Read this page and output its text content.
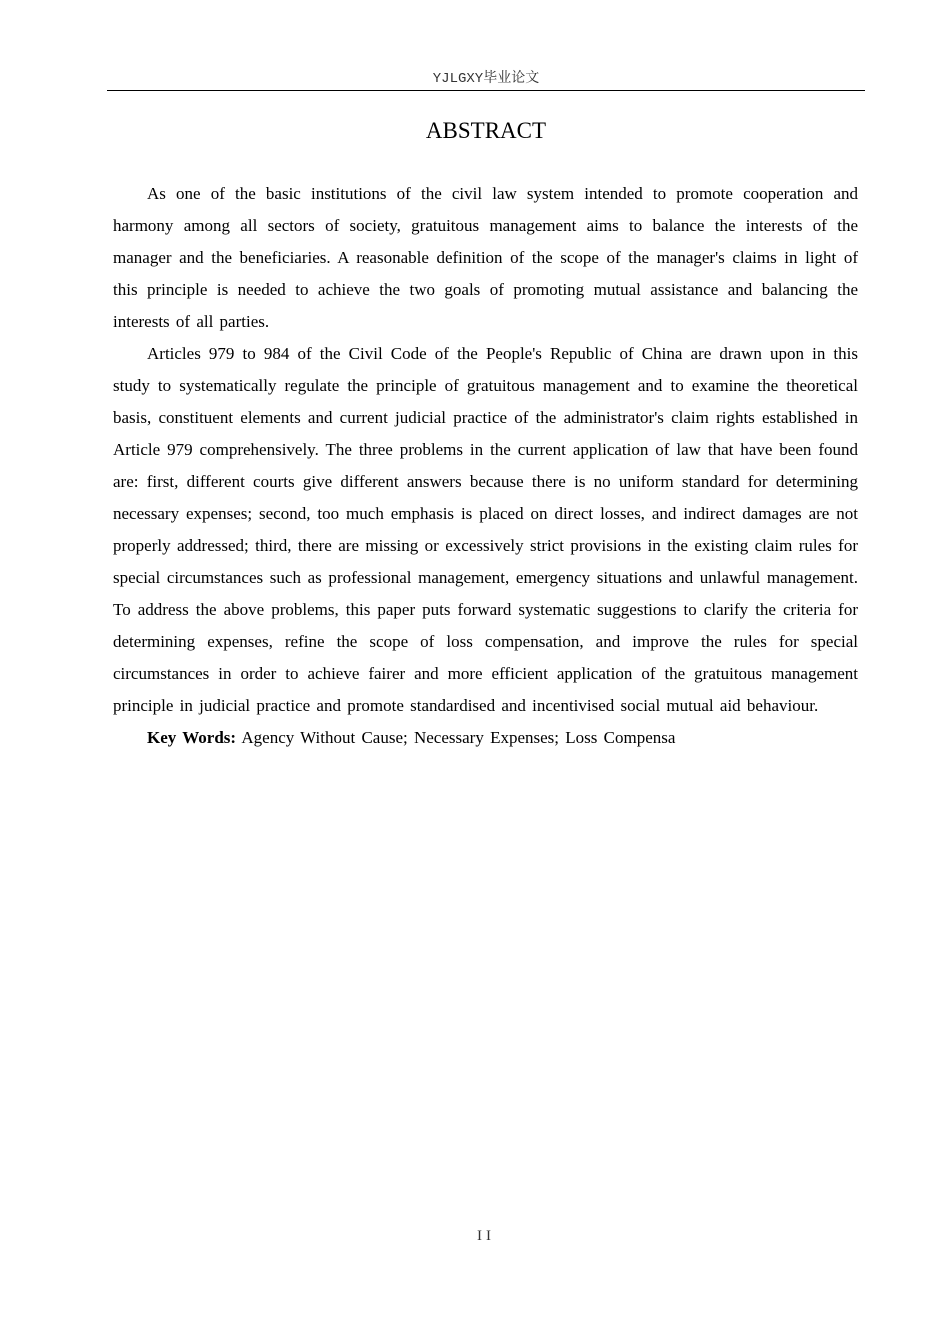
YJLGXY毕业论文
ABSTRACT

As one of the basic institutions of the civil law system intended to promote cooperation and harmony among all sectors of society, gratuitous management aims to balance the interests of the manager and the beneficiaries. A reasonable definition of the scope of the manager's claims in light of this principle is needed to achieve the two goals of promoting mutual assistance and balancing the interests of all parties.

Articles 979 to 984 of the Civil Code of the People's Republic of China are drawn upon in this study to systematically regulate the principle of gratuitous management and to examine the theoretical basis, constituent elements and current judicial practice of the administrator's claim rights established in Article 979 comprehensively. The three problems in the current application of law that have been found are: first, different courts give different answers because there is no uniform standard for determining necessary expenses; second, too much emphasis is placed on direct losses, and indirect damages are not properly addressed; third, there are missing or excessively strict provisions in the existing claim rules for special circumstances such as professional management, emergency situations and unlawful management. To address the above problems, this paper puts forward systematic suggestions to clarify the criteria for determining expenses, refine the scope of loss compensation, and improve the rules for special circumstances in order to achieve fairer and more efficient application of the gratuitous management principle in judicial practice and promote standardised and incentivised social mutual aid behaviour.

Key Words: Agency Without Cause; Necessary Expenses; Loss Compensa

II
